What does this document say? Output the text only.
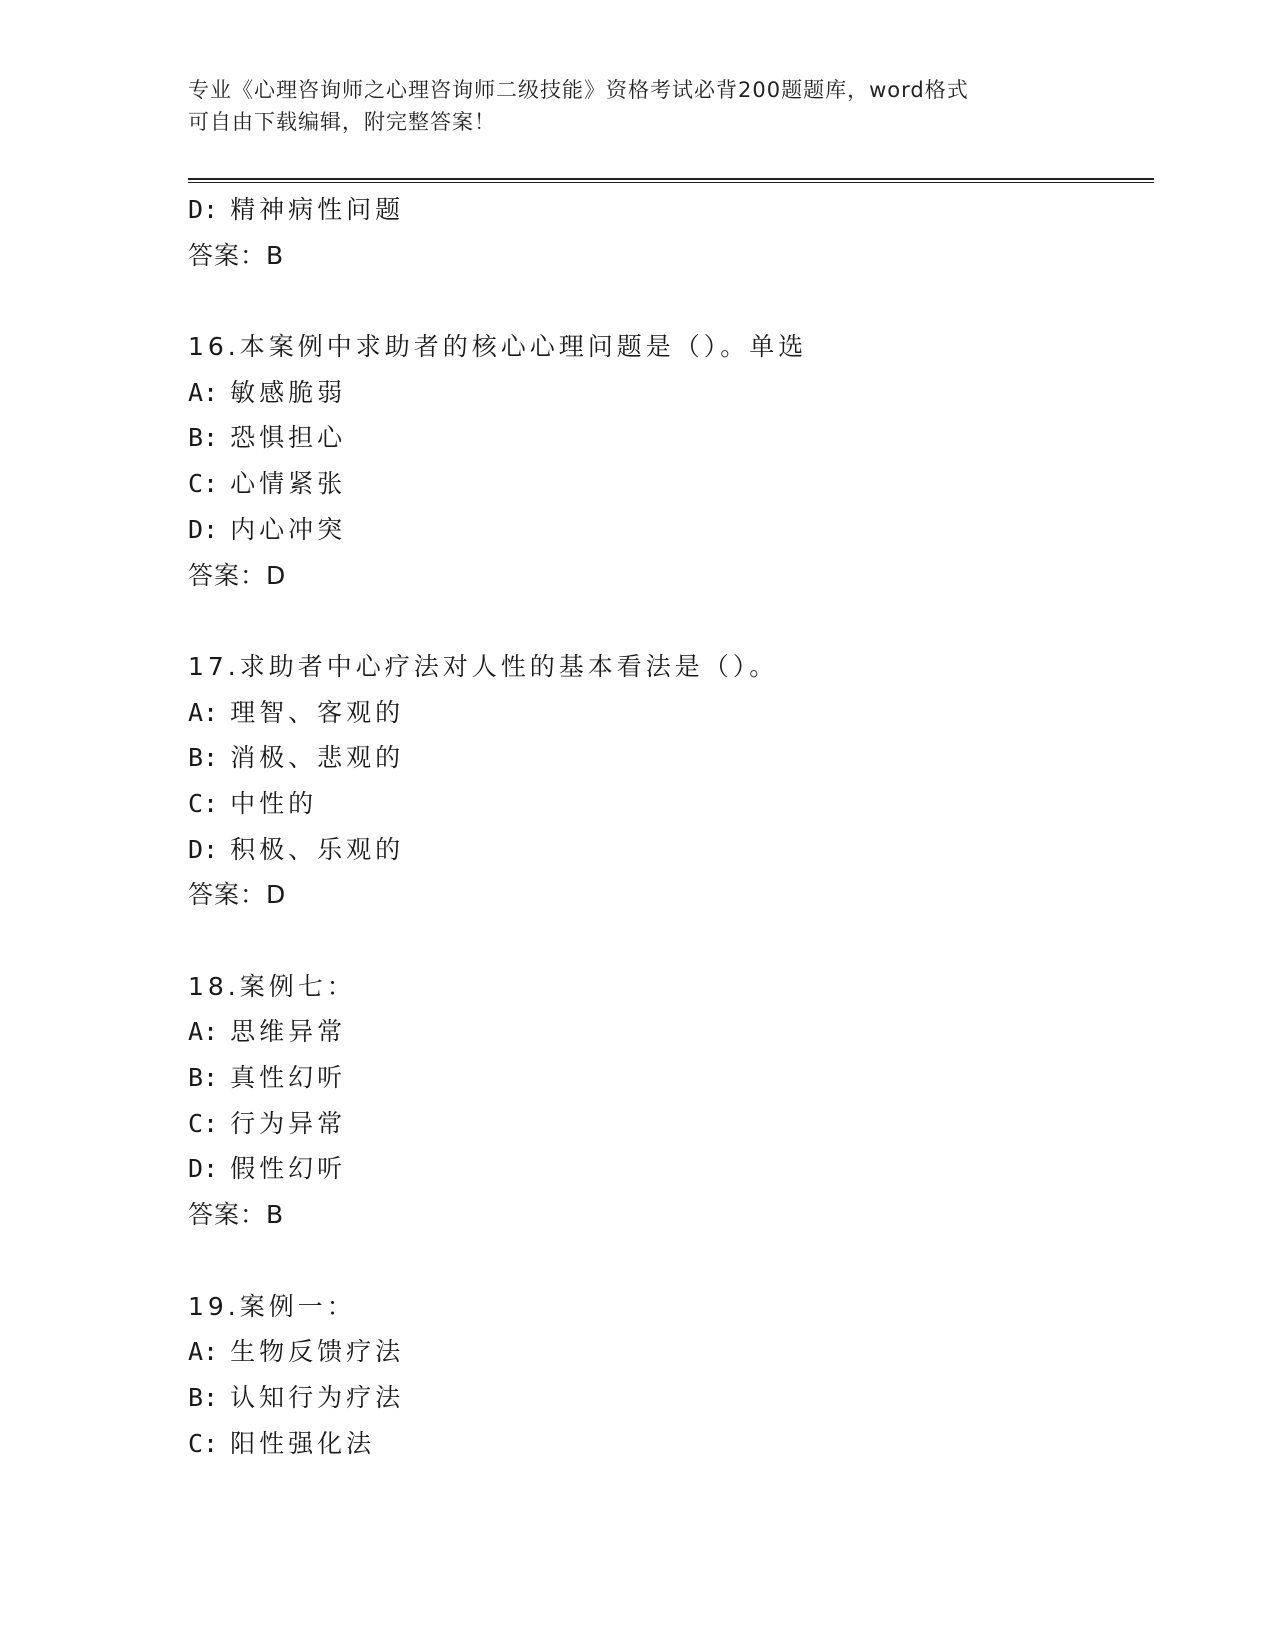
专业《心理咨询师之心理咨询师二级技能》资格考试必背200题题库，word格式
可自由下载编辑，附完整答案！
D: 精神病性问题
答案：B
16.本案例中求助者的核心心理问题是（）。单选
A: 敏感脆弱
B: 恐惧担心
C: 心情紧张
D: 内心冲突
答案：D
17.求助者中心疗法对人性的基本看法是（）。
A: 理智、客观的
B: 消极、悲观的
C: 中性的
D: 积极、乐观的
答案：D
18.案例七：
A: 思维异常
B: 真性幻听
C: 行为异常
D: 假性幻听
答案：B
19.案例一：
A: 生物反馈疗法
B: 认知行为疗法
C: 阳性强化法
